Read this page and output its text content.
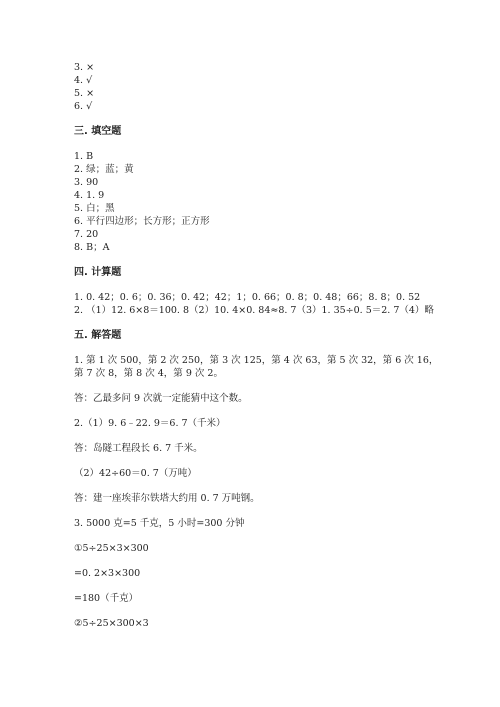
3. ×
4. √
5. ×
6. √
三. 填空题
1. B
2. 绿；蓝；黄
3. 90
4. 1. 9
5. 白；黑
6. 平行四边形；长方形；正方形
7. 20
8. B；A
四. 计算题
1. 0. 42；0. 6；0. 36；0. 42；42；1；0. 66；0. 8；0. 48；66；8. 8；0. 52
2. （1）12. 6×8＝100. 8（2）10. 4×0. 84≈8. 7（3）1. 35÷0. 5＝2. 7（4）略
五. 解答题
1. 第 1 次 500，第 2 次 250，第 3 次 125，第 4 次 63，第 5 次 32，第 6 次 16，
第 7 次 8，第 8 次 4，第 9 次 2。
答：乙最多问 9 次就一定能猜中这个数。
2.（1）9. 6﹣22. 9＝6. 7（千米）
答：岛隧工程段长 6. 7 千米。
（2）42÷60＝0. 7（万吨）
答：建一座埃菲尔铁塔大约用 0. 7 万吨钢。
3. 5000 克=5 千克，5 小时=300 分钟
①5÷25×3×300
=0. 2×3×300
=180（千克）
②5÷25×300×3
